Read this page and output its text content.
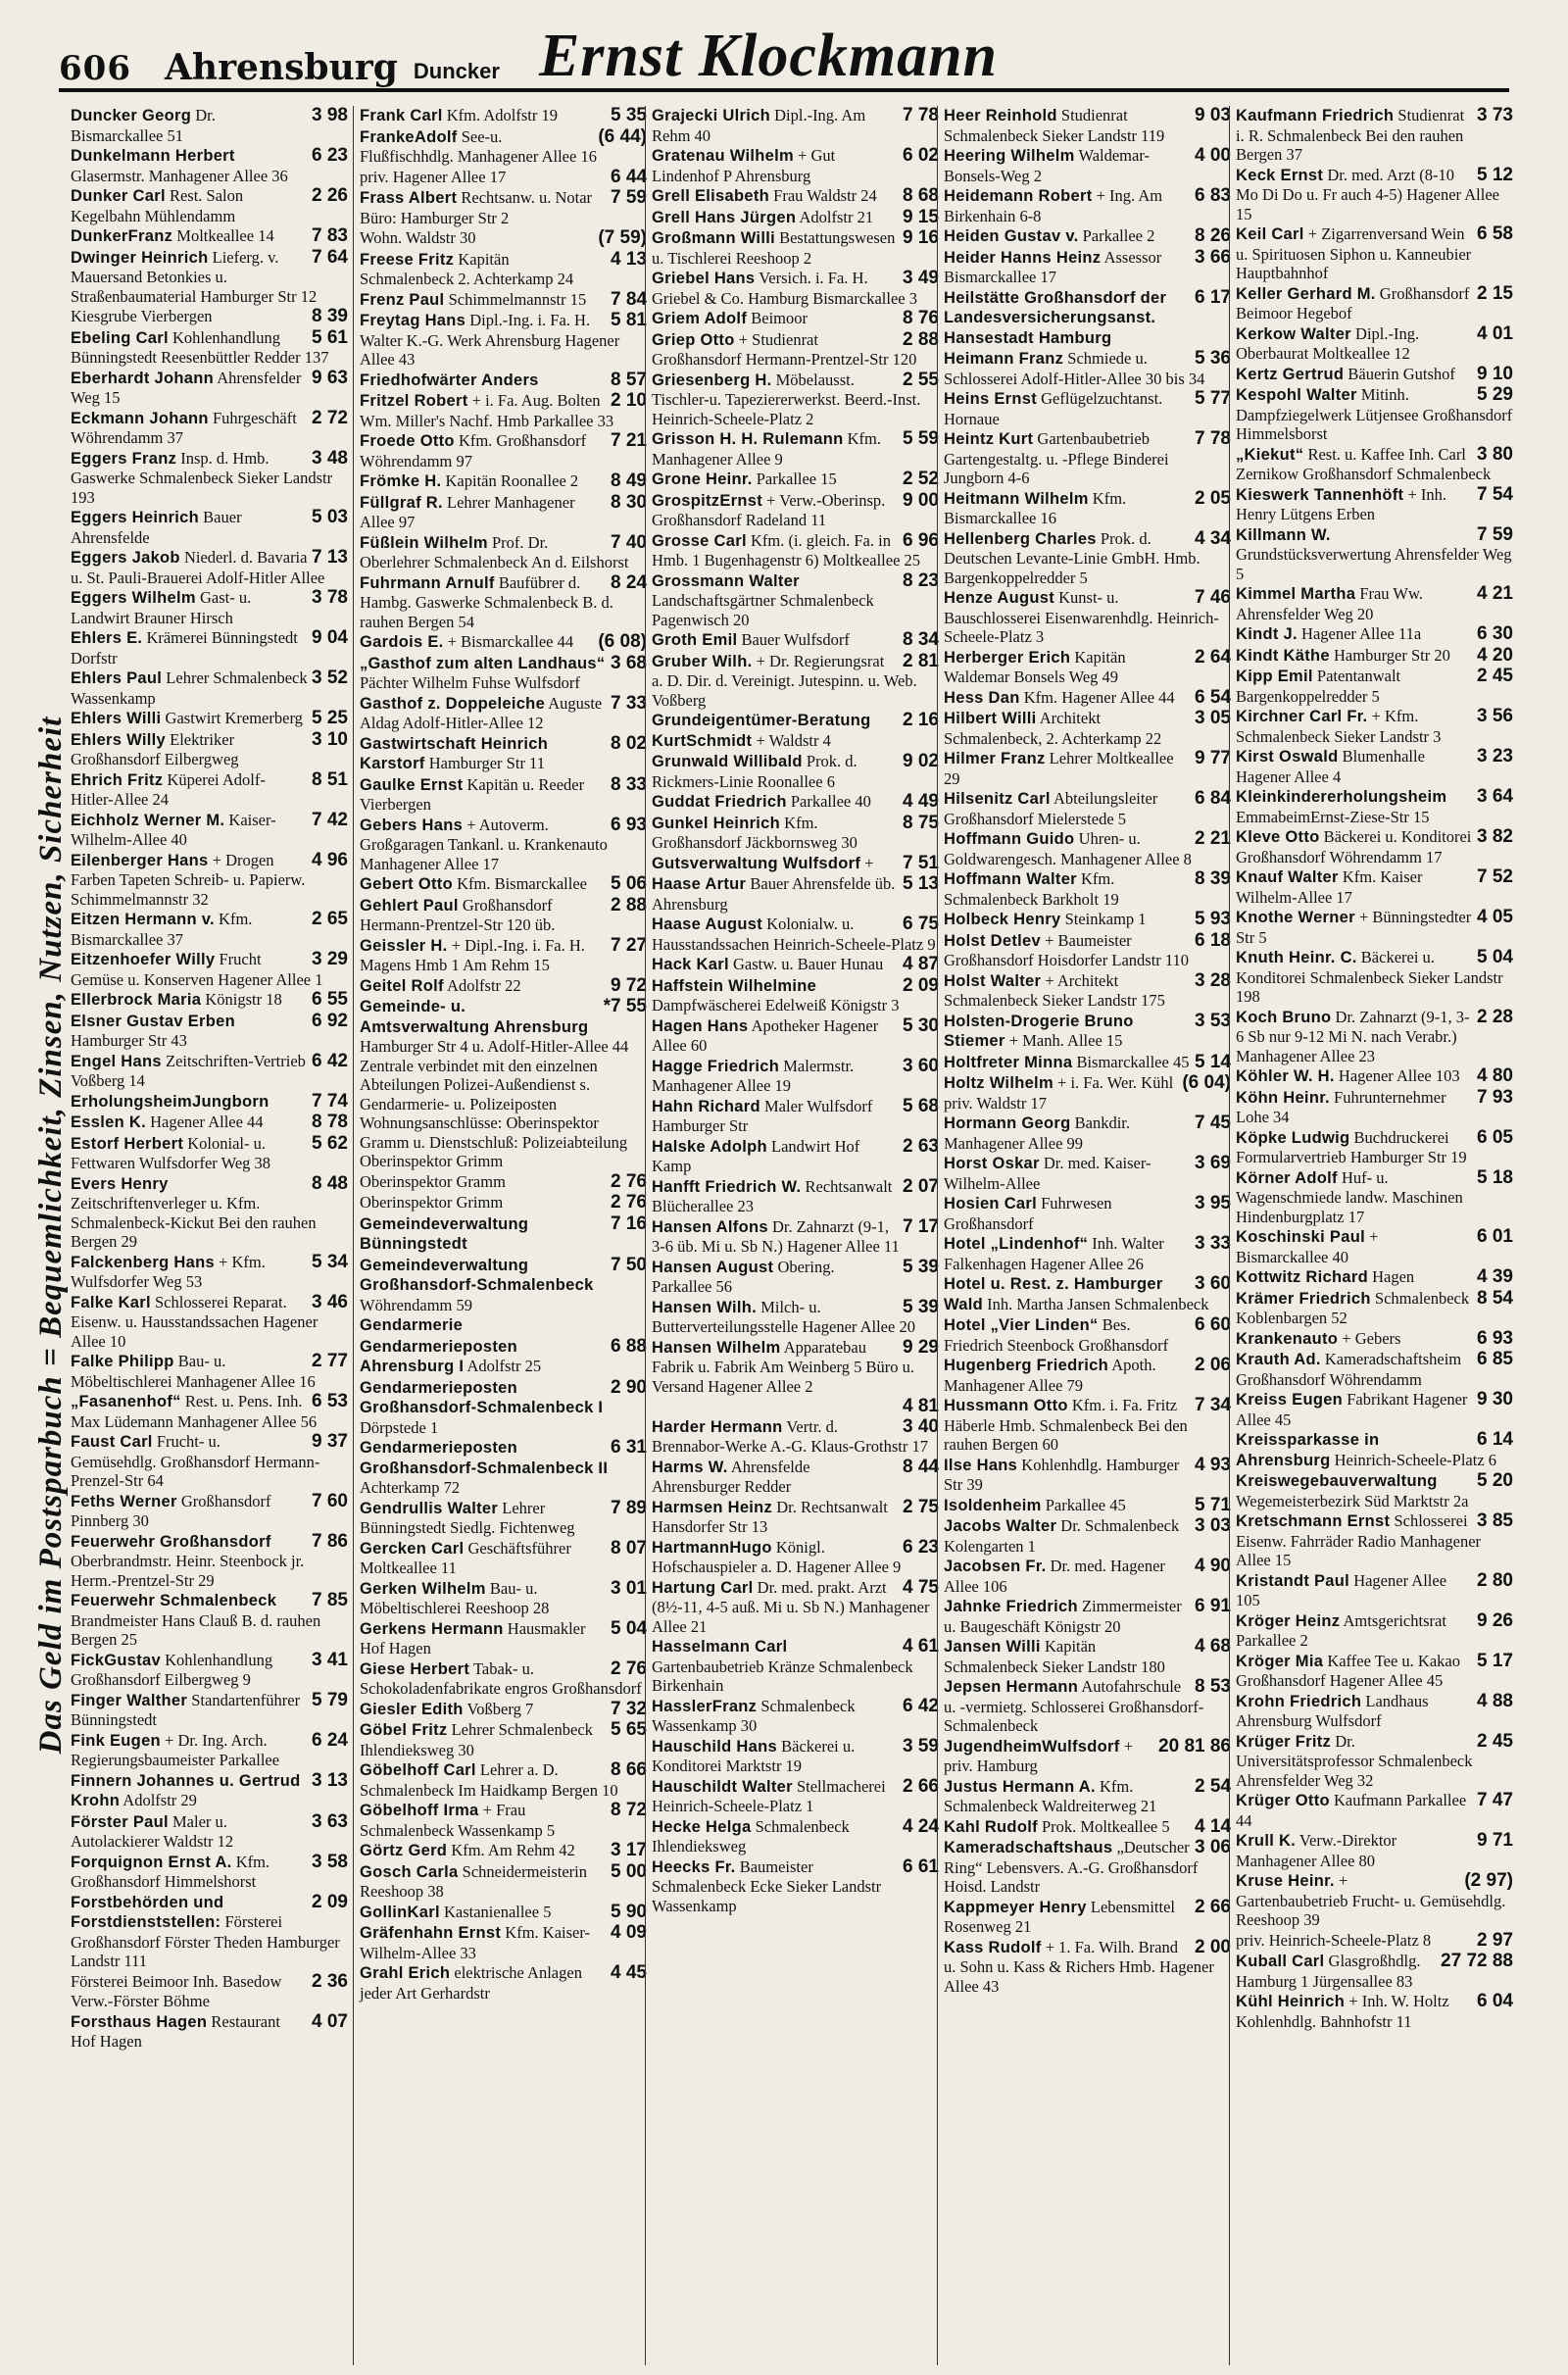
606 Ahrensburg Duncker Ernst Klockmann
Das Geld im Postsparbuch = Bequemlichkeit, Zinsen, Nutzen, Sicherheit
3 98
Duncker Georg Dr. Bismarckallee 51
6 23
Dunkelmann Herbert Glasermstr. Manhagener Allee 36
2 26
Dunker Carl Rest. Salon Kegelbahn Mühlendamm
7 83
DunkerFranz Moltkeallee 14
7 64
Dwinger Heinrich Lieferg. v. Mauersand Betonkies u. Straßenbaumaterial Hamburger Str 12
8 39
Kiesgrube Vierbergen
5 61
Ebeling Carl Kohlenhandlung Bünningstedt Reesenbüttler Redder 137
9 63
Eberhardt Johann Ahrensfelder Weg 15
2 72
Eckmann Johann Fuhrgeschäft Wöhrendamm 37
3 48
Eggers Franz Insp. d. Hmb. Gaswerke Schmalenbeck Sieker Landstr 193
5 03
Eggers Heinrich Bauer Ahrensfelde
7 13
Eggers Jakob Niederl. d. Bavaria u. St. Pauli-Brauerei Adolf-Hitler Allee
3 78
Eggers Wilhelm Gast- u. Landwirt Brauner Hirsch
9 04
Ehlers E. Krämerei Bünningstedt Dorfstr
3 52
Ehlers Paul Lehrer Schmalenbeck Wassenkamp
5 25
Ehlers Willi Gastwirt Kremerberg
3 10
Ehlers Willy Elektriker Großhansdorf Eilbergweg
8 51
Ehrich Fritz Küperei Adolf-Hitler-Allee 24
7 42
Eichholz Werner M. Kaiser-Wilhelm-Allee 40
4 96
Eilenberger Hans + Drogen Farben Tapeten Schreib- u. Papierw. Schimmelmannstr 32
2 65
Eitzen Hermann v. Kfm. Bismarckallee 37
3 29
Eitzenhoefer Willy Frucht Gemüse u. Konserven Hagener Allee 1
6 55
Ellerbrock Maria Königstr 18
6 92
Elsner Gustav Erben Hamburger Str 43
6 42
Engel Hans Zeitschriften-Vertrieb Voßberg 14
7 74
ErholungsheimJungborn
8 78
Esslen K. Hagener Allee 44
5 62
Estorf Herbert Kolonial- u. Fettwaren Wulfsdorfer Weg 38
8 48
Evers Henry Zeitschriftenverleger u. Kfm. Schmalenbeck-Kickut Bei den rauhen Bergen 29
5 34
Falckenberg Hans + Kfm. Wulfsdorfer Weg 53
3 46
Falke Karl Schlosserei Reparat. Eisenw. u. Hausstandssachen Hagener Allee 10
2 77
Falke Philipp Bau- u. Möbeltischlerei Manhagener Allee 16
6 53
„Fasanenhof“ Rest. u. Pens. Inh. Max Lüdemann Manhagener Allee 56
9 37
Faust Carl Frucht- u. Gemüsehdlg. Großhansdorf Hermann-Prenzel-Str 64
7 60
Feths Werner Großhansdorf Pinnberg 30
7 86
Feuerwehr Großhansdorf Oberbrandmstr. Heinr. Steenbock jr. Herm.-Prentzel-Str 29
7 85
Feuerwehr Schmalenbeck Brandmeister Hans Clauß B. d. rauhen Bergen 25
3 41
FickGustav Kohlenhandlung Großhansdorf Eilbergweg 9
5 79
Finger Walther Standartenführer Bünningstedt
6 24
Fink Eugen + Dr. Ing. Arch. Regierungsbaumeister Parkallee
3 13
Finnern Johannes u. Gertrud Krohn Adolfstr 29
3 63
Förster Paul Maler u. Autolackierer Waldstr 12
3 58
Forquignon Ernst A. Kfm. Großhansdorf Himmelshorst
2 09
Forstbehörden und Forstdienststellen: Försterei Großhansdorf Förster Theden Hamburger Landstr 111
2 36
Försterei Beimoor Inh. Basedow Verw.-Förster Böhme
4 07
Forsthaus Hagen Restaurant Hof Hagen
5 35
Frank Carl Kfm. Adolfstr 19
(6 44)
FrankeAdolf See-u. Flußfischhdlg. Manhagener Allee 16
6 44
priv. Hagener Allee 17
7 59
Frass Albert Rechtsanw. u. Notar Büro: Hamburger Str 2
(7 59)
Wohn. Waldstr 30
4 13
Freese Fritz Kapitän Schmalenbeck 2. Achterkamp 24
7 84
Frenz Paul Schimmelmannstr 15
5 81
Freytag Hans Dipl.-Ing. i. Fa. H. Walter K.-G. Werk Ahrensburg Hagener Allee 43
8 57
Friedhofwärter Anders
2 10
Fritzel Robert + i. Fa. Aug. Bolten Wm. Miller's Nachf. Hmb Parkallee 33
7 21
Froede Otto Kfm. Großhansdorf Wöhrendamm 97
8 49
Frömke H. Kapitän Roonallee 2
8 30
Füllgraf R. Lehrer Manhagener Allee 97
7 40
Füßlein Wilhelm Prof. Dr. Oberlehrer Schmalenbeck An d. Eilshorst
8 24
Fuhrmann Arnulf Baufübrer d. Hambg. Gaswerke Schmalenbeck B. d. rauhen Bergen 54
(6 08)
Gardois E. + Bismarckallee 44
3 68
„Gasthof zum alten Landhaus“ Pächter Wilhelm Fuhse Wulfsdorf
7 33
Gasthof z. Doppeleiche Auguste Aldag Adolf-Hitler-Allee 12
8 02
Gastwirtschaft Heinrich Karstorf Hamburger Str 11
8 33
Gaulke Ernst Kapitän u. Reeder Vierbergen
6 93
Gebers Hans + Autoverm. Großgaragen Tankanl. u. Krankenauto Manhagener Allee 17
5 06
Gebert Otto Kfm. Bismarckallee
2 88
Gehlert Paul Großhansdorf Hermann-Prentzel-Str 120 üb.
7 27
Geissler H. + Dipl.-Ing. i. Fa. H. Magens Hmb 1 Am Rehm 15
9 72
Geitel Rolf Adolfstr 22
*7 55
Gemeinde- u. Amtsverwaltung Ahrensburg Hamburger Str 4 u. Adolf-Hitler-Allee 44 Zentrale verbindet mit den einzelnen Abteilungen Polizei-Außendienst s. Gendarmerie- u. Polizeiposten Wohnungsanschlüsse: Oberinspektor Gramm u. Dienstschluß: Polizeiabteilung Oberinspektor Grimm
2 76
Oberinspektor Gramm
2 76
Oberinspektor Grimm
7 16
Gemeindeverwaltung Bünningstedt
7 50
Gemeindeverwaltung Großhansdorf-Schmalenbeck Wöhrendamm 59
Gendarmerie
6 88
Gendarmerieposten Ahrensburg I Adolfstr 25
2 90
Gendarmerieposten Großhansdorf-Schmalenbeck I Dörpstede 1
6 31
Gendarmerieposten Großhansdorf-Schmalenbeck II Achterkamp 72
7 89
Gendrullis Walter Lehrer Bünningstedt Siedlg. Fichtenweg
8 07
Gercken Carl Geschäftsführer Moltkeallee 11
3 01
Gerken Wilhelm Bau- u. Möbeltischlerei Reeshoop 28
5 04
Gerkens Hermann Hausmakler Hof Hagen
2 76
Giese Herbert Tabak- u. Schokoladenfabrikate engros Großhansdorf
7 32
Giesler Edith Voßberg 7
5 65
Göbel Fritz Lehrer Schmalenbeck Ihlendieksweg 30
8 66
Göbelhoff Carl Lehrer a. D. Schmalenbeck Im Haidkamp Bergen 10
8 72
Göbelhoff Irma + Frau Schmalenbeck Wassenkamp 5
3 17
Görtz Gerd Kfm. Am Rehm 42
5 00
Gosch Carla Schneidermeisterin Reeshoop 38
5 90
GollinKarl Kastanienallee 5
4 09
Gräfenhahn Ernst Kfm. Kaiser-Wilhelm-Allee 33
4 45
Grahl Erich elektrische Anlagen jeder Art Gerhardstr
7 78
Grajecki Ulrich Dipl.-Ing. Am Rehm 40
6 02
Gratenau Wilhelm + Gut Lindenhof P Ahrensburg
8 68
Grell Elisabeth Frau Waldstr 24
9 15
Grell Hans Jürgen Adolfstr 21
9 16
Großmann Willi Bestattungswesen u. Tischlerei Reeshoop 2
3 49
Griebel Hans Versich. i. Fa. H. Griebel & Co. Hamburg Bismarckallee 3
8 76
Griem Adolf Beimoor
2 88
Griep Otto + Studienrat Großhansdorf Hermann-Prentzel-Str 120
2 55
Griesenberg H. Möbelausst. Tischler-u. Tapeziererwerkst. Beerd.-Inst. Heinrich-Scheele-Platz 2
5 59
Grisson H. H. Rulemann Kfm. Manhagener Allee 9
2 52
Grone Heinr. Parkallee 15
9 00
GrospitzErnst + Verw.-Oberinsp. Großhansdorf Radeland 11
6 96
Grosse Carl Kfm. (i. gleich. Fa. in Hmb. 1 Bugenhagenstr 6) Moltkeallee 25
8 23
Grossmann Walter Landschaftsgärtner Schmalenbeck Pagenwisch 20
8 34
Groth Emil Bauer Wulfsdorf
2 81
Gruber Wilh. + Dr. Regierungsrat a. D. Dir. d. Vereinigt. Jutespinn. u. Web. Voßberg
2 16
Grundeigentümer-Beratung KurtSchmidt + Waldstr 4
9 02
Grunwald Willibald Prok. d. Rickmers-Linie Roonallee 6
4 49
Guddat Friedrich Parkallee 40
8 75
Gunkel Heinrich Kfm. Großhansdorf Jäckbornsweg 30
7 51
Gutsverwaltung Wulfsdorf +
5 13
Haase Artur Bauer Ahrensfelde üb. Ahrensburg
6 75
Haase August Kolonialw. u. Hausstandssachen Heinrich-Scheele-Platz 9
4 87
Hack Karl Gastw. u. Bauer Hunau
2 09
Haffstein Wilhelmine Dampfwäscherei Edelweiß Königstr 3
5 30
Hagen Hans Apotheker Hagener Allee 60
3 60
Hagge Friedrich Malermstr. Manhagener Allee 19
5 68
Hahn Richard Maler Wulfsdorf Hamburger Str
2 63
Halske Adolph Landwirt Hof Kamp
2 07
Hanfft Friedrich W. Rechtsanwalt Blücherallee 23
7 17
Hansen Alfons Dr. Zahnarzt (9-1, 3-6 üb. Mi u. Sb N.) Hagener Allee 11
5 39
Hansen August Obering. Parkallee 56
5 39
Hansen Wilh. Milch- u. Butterverteilungsstelle Hagener Allee 20
9 29
Hansen Wilhelm Apparatebau Fabrik u. Fabrik Am Weinberg 5 Büro u. Versand Hagener Allee 2
4 81
3 40
Harder Hermann Vertr. d. Brennabor-Werke A.-G. Klaus-Grothstr 17
8 44
Harms W. Ahrensfelde Ahrensburger Redder
2 75
Harmsen Heinz Dr. Rechtsanwalt Hansdorfer Str 13
6 23
HartmannHugo Königl. Hofschauspieler a. D. Hagener Allee 9
4 75
Hartung Carl Dr. med. prakt. Arzt (8½-11, 4-5 auß. Mi u. Sb N.) Manhagener Allee 21
4 61
Hasselmann Carl Gartenbaubetrieb Kränze Schmalenbeck Birkenhain
6 42
HasslerFranz Schmalenbeck Wassenkamp 30
3 59
Hauschild Hans Bäckerei u. Konditorei Marktstr 19
2 66
Hauschildt Walter Stellmacherei Heinrich-Scheele-Platz 1
4 24
Hecke Helga Schmalenbeck Ihlendieksweg
6 61
Heecks Fr. Baumeister Schmalenbeck Ecke Sieker Landstr Wassenkamp
9 03
Heer Reinhold Studienrat Schmalenbeck Sieker Landstr 119
4 00
Heering Wilhelm Waldemar-Bonsels-Weg 2
6 83
Heidemann Robert + Ing. Am Birkenhain 6-8
8 26
Heiden Gustav v. Parkallee 2
3 66
Heider Hanns Heinz Assessor Bismarckallee 17
6 17
Heilstätte Großhansdorf der Landesversicherungsanst. Hansestadt Hamburg
5 36
Heimann Franz Schmiede u. Schlosserei Adolf-Hitler-Allee 30 bis 34
5 77
Heins Ernst Geflügelzuchtanst. Hornaue
7 78
Heintz Kurt Gartenbaubetrieb Gartengestaltg. u. -Pflege Binderei Jungborn 4-6
2 05
Heitmann Wilhelm Kfm. Bismarckallee 16
4 34
Hellenberg Charles Prok. d. Deutschen Levante-Linie GmbH. Hmb. Bargenkoppelredder 5
7 46
Henze August Kunst- u. Bauschlosserei Eisenwarenhdlg. Heinrich-Scheele-Platz 3
2 64
Herberger Erich Kapitän Waldemar Bonsels Weg 49
6 54
Hess Dan Kfm. Hagener Allee 44
3 05
Hilbert Willi Architekt Schmalenbeck, 2. Achterkamp 22
9 77
Hilmer Franz Lehrer Moltkeallee 29
6 84
Hilsenitz Carl Abteilungsleiter Großhansdorf Mielerstede 5
2 21
Hoffmann Guido Uhren- u. Goldwarengesch. Manhagener Allee 8
8 39
Hoffmann Walter Kfm. Schmalenbeck Barkholt 19
5 93
Holbeck Henry Steinkamp 1
6 18
Holst Detlev + Baumeister Großhansdorf Hoisdorfer Landstr 110
3 28
Holst Walter + Architekt Schmalenbeck Sieker Landstr 175
3 53
Holsten-Drogerie Bruno Stiemer + Manh. Allee 15
5 14
Holtfreter Minna Bismarckallee 45
(6 04)
Holtz Wilhelm + i. Fa. Wer. Kühl priv. Waldstr 17
7 45
Hormann Georg Bankdir. Manhagener Allee 99
3 69
Horst Oskar Dr. med. Kaiser-Wilhelm-Allee
3 95
Hosien Carl Fuhrwesen Großhansdorf
3 33
Hotel „Lindenhof“ Inh. Walter Falkenhagen Hagener Allee 26
3 60
Hotel u. Rest. z. Hamburger Wald Inh. Martha Jansen Schmalenbeck
6 60
Hotel „Vier Linden“ Bes. Friedrich Steenbock Großhansdorf
2 06
Hugenberg Friedrich Apoth. Manhagener Allee 79
7 34
Hussmann Otto Kfm. i. Fa. Fritz Häberle Hmb. Schmalenbeck Bei den rauhen Bergen 60
4 93
Ilse Hans Kohlenhdlg. Hamburger Str 39
5 71
Isoldenheim Parkallee 45
3 03
Jacobs Walter Dr. Schmalenbeck Kolengarten 1
4 90
Jacobsen Fr. Dr. med. Hagener Allee 106
6 91
Jahnke Friedrich Zimmermeister u. Baugeschäft Königstr 20
4 68
Jansen Willi Kapitän Schmalenbeck Sieker Landstr 180
8 53
Jepsen Hermann Autofahrschule u. -vermietg. Schlosserei Großhansdorf-Schmalenbeck
20 81 86
JugendheimWulfsdorf + priv. Hamburg
2 54
Justus Hermann A. Kfm. Schmalenbeck Waldreiterweg 21
4 14
Kahl Rudolf Prok. Moltkeallee 5
3 06
Kameradschaftshaus „Deutscher Ring“ Lebensvers. A.-G. Großhansdorf Hoisd. Landstr
2 66
Kappmeyer Henry Lebensmittel Rosenweg 21
2 00
Kass Rudolf + 1. Fa. Wilh. Brand u. Sohn u. Kass & Richers Hmb. Hagener Allee 43
3 73
Kaufmann Friedrich Studienrat i. R. Schmalenbeck Bei den rauhen Bergen 37
5 12
Keck Ernst Dr. med. Arzt (8-10 Mo Di Do u. Fr auch 4-5) Hagener Allee 15
6 58
Keil Carl + Zigarrenversand Wein u. Spirituosen Siphon u. Kanneubier Hauptbahnhof
2 15
Keller Gerhard M. Großhansdorf Beimoor Hegebof
4 01
Kerkow Walter Dipl.-Ing. Oberbaurat Moltkeallee 12
9 10
Kertz Gertrud Bäuerin Gutshof
5 29
Kespohl Walter Mitinh. Dampfziegelwerk Lütjensee Großhansdorf Himmelsborst
3 80
„Kiekut“ Rest. u. Kaffee Inh. Carl Zernikow Großhansdorf Schmalenbeck
7 54
Kieswerk Tannenhöft + Inh. Henry Lütgens Erben
7 59
Killmann W. Grundstücksverwertung Ahrensfelder Weg 5
4 21
Kimmel Martha Frau Ww. Ahrensfelder Weg 20
6 30
Kindt J. Hagener Allee 11a
4 20
Kindt Käthe Hamburger Str 20
2 45
Kipp Emil Patentanwalt Bargenkoppelredder 5
3 56
Kirchner Carl Fr. + Kfm. Schmalenbeck Sieker Landstr 3
3 23
Kirst Oswald Blumenhalle Hagener Allee 4
3 64
Kleinkindererholungsheim EmmabeimErnst-Ziese-Str 15
3 82
Kleve Otto Bäckerei u. Konditorei Großhansdorf Wöhrendamm 17
7 52
Knauf Walter Kfm. Kaiser Wilhelm-Allee 17
4 05
Knothe Werner + Bünningstedter Str 5
5 04
Knuth Heinr. C. Bäckerei u. Konditorei Schmalenbeck Sieker Landstr 198
2 28
Koch Bruno Dr. Zahnarzt (9-1, 3-6 Sb nur 9-12 Mi N. nach Verabr.) Manhagener Allee 23
4 80
Köhler W. H. Hagener Allee 103
7 93
Köhn Heinr. Fuhrunternehmer Lohe 34
6 05
Köpke Ludwig Buchdruckerei Formularvertrieb Hamburger Str 19
5 18
Körner Adolf Huf- u. Wagenschmiede landw. Maschinen Hindenburgplatz 17
6 01
Koschinski Paul + Bismarckallee 40
4 39
Kottwitz Richard Hagen
8 54
Krämer Friedrich Schmalenbeck Koblenbargen 52
6 93
Krankenauto + Gebers
6 85
Krauth Ad. Kameradschaftsheim Großhansdorf Wöhrendamm
9 30
Kreiss Eugen Fabrikant Hagener Allee 45
6 14
Kreissparkasse in Ahrensburg Heinrich-Scheele-Platz 6
5 20
Kreiswegebauverwaltung Wegemeisterbezirk Süd Marktstr 2a
3 85
Kretschmann Ernst Schlosserei Eisenw. Fahrräder Radio Manhagener Allee 15
2 80
Kristandt Paul Hagener Allee 105
9 26
Kröger Heinz Amtsgerichtsrat Parkallee 2
5 17
Kröger Mia Kaffee Tee u. Kakao Großhansdorf Hagener Allee 45
4 88
Krohn Friedrich Landhaus Ahrensburg Wulfsdorf
2 45
Krüger Fritz Dr. Universitätsprofessor Schmalenbeck Ahrensfelder Weg 32
7 47
Krüger Otto Kaufmann Parkallee 44
9 71
Krull K. Verw.-Direktor Manhagener Allee 80
(2 97)
Kruse Heinr. + Gartenbaubetrieb Frucht- u. Gemüsehdlg. Reeshoop 39
2 97
priv. Heinrich-Scheele-Platz 8
27 72 88
Kuball Carl Glasgroßhdlg. Hamburg 1 Jürgensallee 83
6 04
Kühl Heinrich + Inh. W. Holtz Kohlenhdlg. Bahnhofstr 11
